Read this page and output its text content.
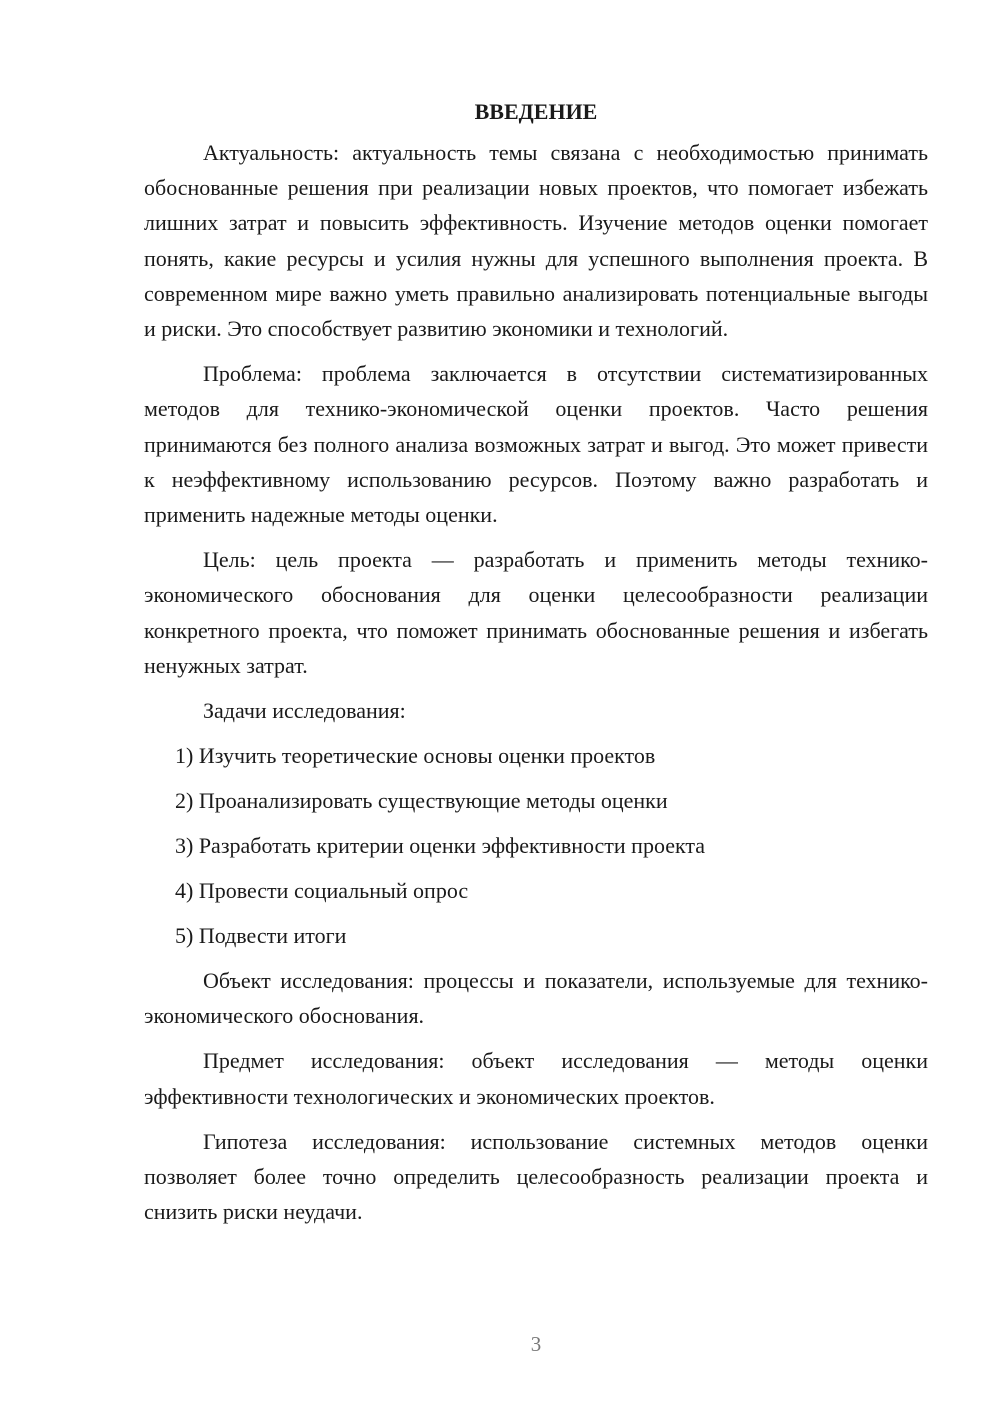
ВВЕДЕНИЕ

Актуальность: актуальность темы связана с необходимостью принимать обоснованные решения при реализации новых проектов, что помогает избежать лишних затрат и повысить эффективность. Изучение методов оценки помогает понять, какие ресурсы и усилия нужны для успешного выполнения проекта. В современном мире важно уметь правильно анализировать потенциальные выгоды и риски. Это способствует развитию экономики и технологий.

Проблема: проблема заключается в отсутствии систематизированных методов для технико-экономической оценки проектов. Часто решения принимаются без полного анализа возможных затрат и выгод. Это может привести к неэффективному использованию ресурсов. Поэтому важно разработать и применить надежные методы оценки.

Цель: цель проекта — разработать и применить методы технико-экономического обоснования для оценки целесообразности реализации конкретного проекта, что поможет принимать обоснованные решения и избегать ненужных затрат.

Задачи исследования:
1) Изучить теоретические основы оценки проектов
2) Проанализировать существующие методы оценки
3) Разработать критерии оценки эффективности проекта
4) Провести социальный опрос
5) Подвести итоги

Объект исследования: процессы и показатели, используемые для технико-экономического обоснования.

Предмет исследования: объект исследования — методы оценки эффективности технологических и экономических проектов.

Гипотеза исследования: использование системных методов оценки позволяет более точно определить целесообразность реализации проекта и снизить риски неудачи.

3
